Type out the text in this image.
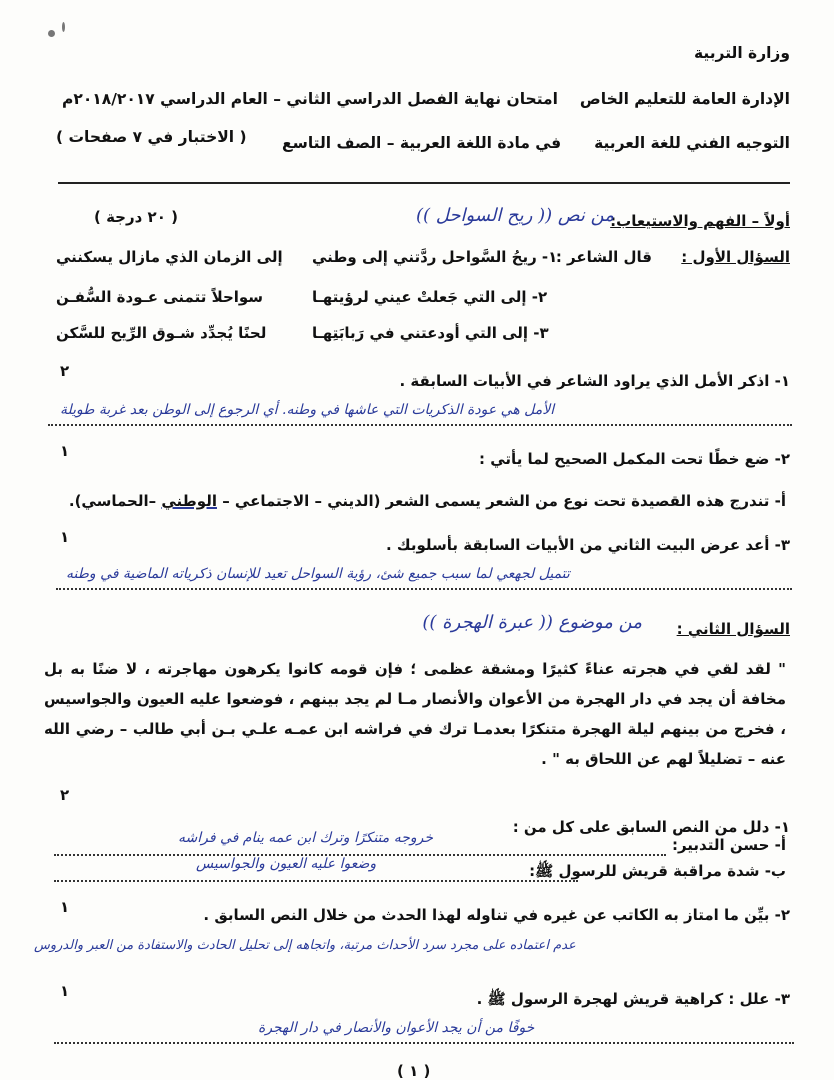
وزارة التربية
الإدارة العامة للتعليم الخاص
امتحان نهاية الفصل الدراسي الثاني – العام الدراسي ٢٠١٨/٢٠١٧م
التوجيه الفني للغة العربية
في مادة اللغة العربية – الصف التاسع
( الاختبار في ٧ صفحات )
أولاً – الفهم والاستيعاب:
من نص (( ريح السواحل ))
( ٢٠ درجة )
السؤال الأول :
قال الشاعر :
١- ريحُ السَّواحل ردَّتني إلى وطني
إلى الزمان الذي مازال يسكنني
٢- إلى التي جَعلتْ عيني لرؤيتهـا
سواحلاً تتمنى عـودة السُّفـن
٣- إلى التي أودعتني في رَبابَتِهـا
لحنًا يُجدِّد شـوق الرِّيح للسَّكن
١- اذكر الأمل الذي يراود الشاعر في الأبيات السابقة .
٢
الأمل هي عودة الذكريات التي عاشها في وطنه. أي الرجوع إلى الوطن بعد غربة طويلة
٢- ضع خطًا تحت المكمل الصحيح لما يأتي :
١
أ- تندرج هذه القصيدة تحت نوع من الشعر يسمى الشعر (الديني – الاجتماعي – الوطني –الحماسي).
٣- أعد عرض البيت الثاني من الأبيات السابقة بأسلوبك .
١
تتميل لجهعي لما سبب جميع شئ، رؤية السواحل تعيد للإنسان ذكرياته الماضية في وطنه
السؤال الثاني :
من موضوع (( عبرة الهجرة ))
" لقد لقي في هجرته عناءً كثيرًا ومشقة عظمى ؛ فإن قومه كانوا يكرهون مهاجرته ، لا ضنًا به بل مخافة أن يجد في دار الهجرة من الأعوان والأنصار مـا لم يجد بينهم ، فوضعوا عليه العيون والجواسيس ، فخرج من بينهم ليلة الهجرة متنكرًا بعدمـا ترك في فراشه ابن عمـه علـي بـن أبي طالب – رضي الله عنه – تضليلاً لهم عن اللحاق به " .
١- دلل من النص السابق على كل من :
٢
أ- حسن التدبير:
خروجه متنكرًا وترك ابن عمه ينام في فراشه
ب- شدة مراقبة قريش للرسول ﷺ:
وضعوا عليه العيون والجواسيس
٢- بيِّن ما امتاز به الكاتب عن غيره في تناوله لهذا الحدث من خلال النص السابق .
١
عدم اعتماده على مجرد سرد الأحداث مرتبة، واتجاهه إلى تحليل الحادث والاستفادة من العبر والدروس
٣- علل : كراهية قريش لهجرة الرسول ﷺ .
١
خوفًا من أن يجد الأعوان والأنصار في دار الهجرة
( ١ )
